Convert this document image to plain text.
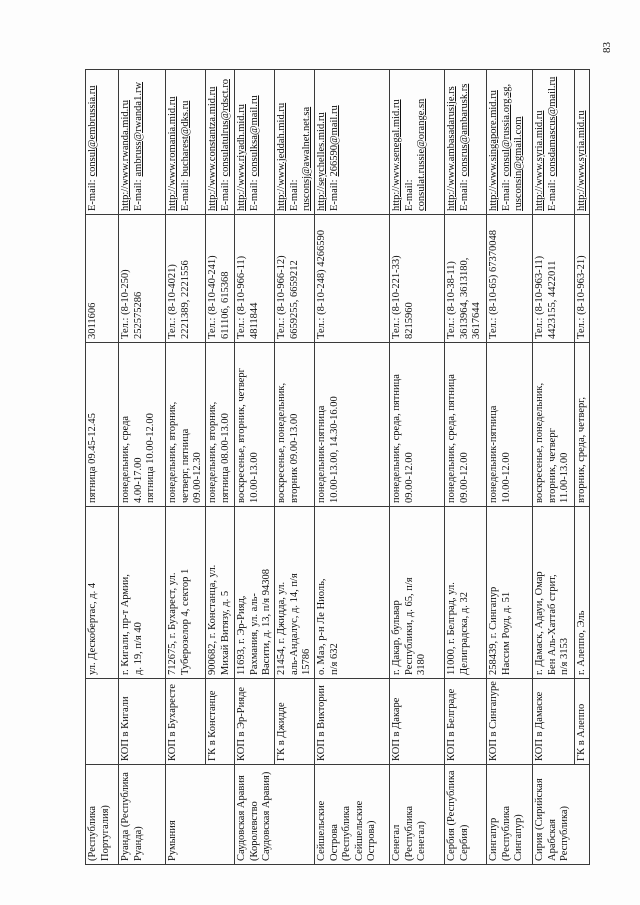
83
(Республика Португалия)		ул. Дескобертас, д. 4	пятница 09.45-12.45	3011606	E-mail:consul@embrussia.ru

Руанда (Республика Руанда)	КОП в Кигали	г. Кигали, пр-т Армии, д. 19, п/я 40	понедельник, среда 4.00-17.00 пятница 10.00-12.00	Тел.: (8-10-250) 252575286	http://www.rwanda.mid.ru E-mail:ambruss@rwanda1.rw

Румыния	КОП в Бухаресте	712675, г. Бухарест, ул. Туберозелор 4, сектор 1	понедельник, вторник, четверг, пятница 09.00-12.30	Тел.: (8-10-4021) 2221389, 2221556	http://www.romania.mid.ru E-mail:bucharest@dks.ru

	ГК в Констанце	900682, г. Констанца, ул. Михай Витязу, д. 5	понедельник, вторник, пятница 08.00-13.00	Тел.: (8-10-40-241) 611106, 615368	http://www.constantza.mid.ru E-mail:consulatulrus@rdsct.ro

Саудовская Аравия (Королевство Саудовская Аравия)	КОП в Эр-Рияде	11693, г. Эр-Рияд, Рахмания, ул. аль- Васити, д. 13, п/я 94308	воскресенье, вторник, четверг 10.00-13.00	Тел.: (8-10-966-11) 4811844	http://www.riyadh.mid.ru E-mail:consulksa@mail.ru

	ГК в Джидде	21454, г. Джидда, ул. аль-Андалус, д. 14, п/я 15786	воскресенье, понедельник, вторник 09.00-13.00	Тел.: (8-10-966-12) 6659255, 6659212	http://www.jeddah.mid.ru E-mail: rusconsj@awalnet.net.sa

Сейшельские Острова (Республика Сейшельские Острова)	КОП в Виктории	о. Маэ, р-н Ле Ниоль, п/я 632	понедельник-пятница 10.00-13.00, 14.30-16.00	Тел.: (8-10-248) 4266590	http://seychelles.mid.ru E-mail:266590@mail.ru

Сенегал (Республика Сенегал)	КОП в Дакаре	г. Дакар, бульвар Республики, д. 65, п/я 3180	понедельник, среда, пятница 09.00-12.00	Тел.: (8-10-221-33) 8215960	http://www.senegal.mid.ru E-mail: consulat.russie@orange.sn

Сербия (Республика Сербия)	КОП в Белграде	11000, г. Белград, ул. Делиградска, д. 32	понедельник, среда, пятница 09.00-12.00	Тел.: (8-10-38-11) 3613964, 3613180, 3617644	http://www.ambasadarusije.rs E-mail:consrus@ambarusk.rs

Сингапур (Республика Сингапур)	КОП в Сингапуре	258439, г. Сингапур Нассим Роуд, д. 51	понедельник-пятница 10.00-12.00	Тел.: (8-10-65) 67370048	http://www.singapore.mid.ru E-mail:consul@russia.org.sg,
rusconsin@gmail.com

Сирия (Сирийская Арабская Республика)	КОП в Дамаске	г. Дамаск, Адауи, Омар Бен Аль-Хаттаб стрит, п/я 3153	воскресенье, понедельник, вторник, четверг 11.00-13.00	Тел.: (8-10-963-11) 4423155, 4422011	http://www.syria.mid.ru E-mail:consdamascus@mail.ru

	ГК в Алеппо	г. Алеппо, Эль	вторник, среда, четверг,	Тел.: (8-10-963-21)	http://www.syria.mid.ru
